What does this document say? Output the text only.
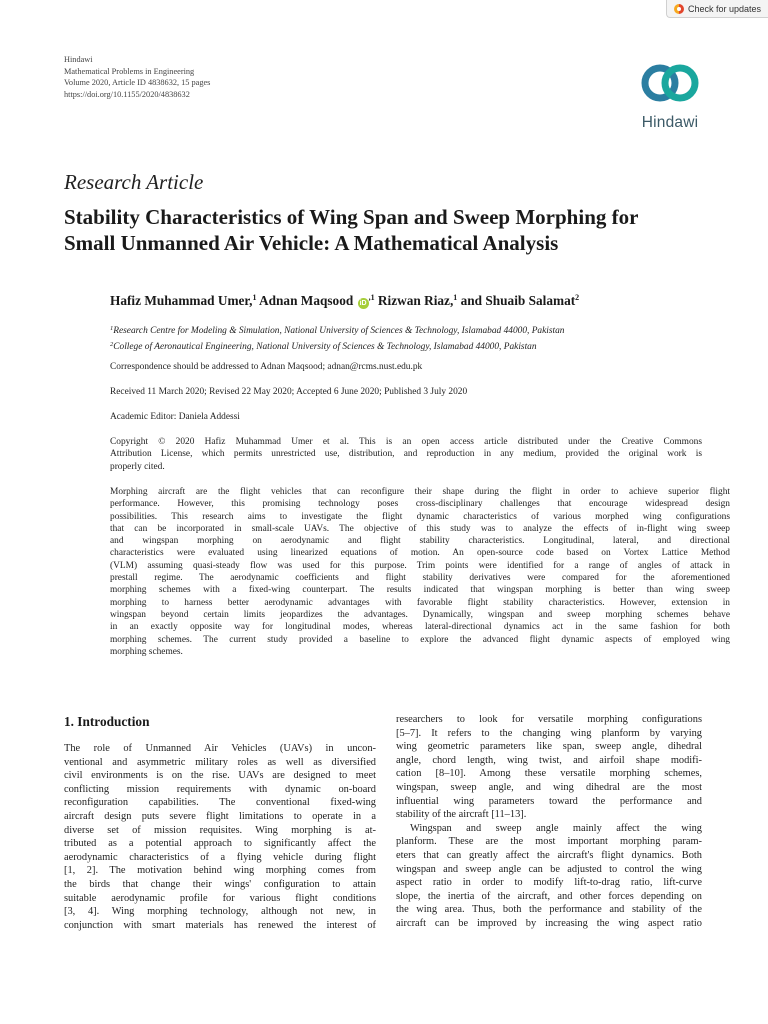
Check for updates
Hindawi
Mathematical Problems in Engineering
Volume 2020, Article ID 4838632, 15 pages
https://doi.org/10.1155/2020/4838632
Hindawi
Research Article
Stability Characteristics of Wing Span and Sweep Morphing for
Small Unmanned Air Vehicle: A Mathematical Analysis
Hafiz Muhammad Umer,$^1$ Adnan Maqsood $iD^{,1}$ Rizwan Riaz,$^1$ and Shuaib Salamat$^2$
$^1$Research Centre for Modeling & Simulation, National University of Sciences & Technology, Islamabad 44000, Pakistan
$^2$College of Aeronautical Engineering, National University of Sciences & Technology, Islamabad 44000, Pakistan
Correspondence should be addressed to Adnan Maqsood; adnan@rcms.nust.edu.pk
Received 11 March 2020; Revised 22 May 2020; Accepted 6 June 2020; Published 3 July 2020
Academic Editor: Daniela Addessi
Copyright © 2020 Hafiz Muhammad Umer et al. This is an open access article distributed under the Creative Commons
Attribution License, which permits unrestricted use, distribution, and reproduction in any medium, provided the original work is
properly cited.
Morphing aircraft are the flight vehicles that can reconfigure their shape during the flight in order to achieve superior flight
performance. However, this promising technology poses cross-disciplinary challenges that encourage widespread design
possibilities. This research aims to investigate the flight dynamic characteristics of various morphed wing configurations
that can be incorporated in small-scale UAVs. The objective of this study was to analyze the effects of in-flight wing sweep
and wingspan morphing on aerodynamic and flight stability characteristics. Longitudinal, lateral, and directional
characteristics were evaluated using linearized equations of motion. An open-source code based on Vortex Lattice Method
(VLM) assuming quasi-steady flow was used for this purpose. Trim points were identified for a range of angles of attack in
prestall regime. The aerodynamic coefficients and flight stability derivatives were compared for the aforementioned
morphing schemes with a fixed-wing counterpart. The results indicated that wingspan morphing is better than wing sweep
morphing to harness better aerodynamic advantages with favorable flight stability characteristics. However, extension in
wingspan beyond certain limits jeopardizes the advantages. Dynamically, wingspan and sweep morphing schemes behave
in an exactly opposite way for longitudinal modes, whereas lateral-directional dynamics act in the same fashion for both
morphing schemes. The current study provided a baseline to explore the advanced flight dynamic aspects of employed wing
morphing schemes.
1. Introduction
The role of Unmanned Air Vehicles (UAVs) in uncon-
ventional and asymmetric military roles as well as diversified
civil environments is on the rise. UAVs are designed to meet
conflicting mission requirements with dynamic on-board
reconfiguration capabilities. The conventional fixed-wing
aircraft design puts severe flight limitations to operate in a
diverse set of mission requisites. Wing morphing is at-
tributed as a potential approach to significantly affect the
aerodynamic characteristics of a flying vehicle during flight
[1, 2]. The motivation behind wing morphing comes from
the birds that change their wings' configuration to attain
suitable aerodynamic profile for various flight conditions
[3, 4]. Wing morphing technology, although not new, in
conjunction with smart materials has renewed the interest of
researchers to look for versatile morphing configurations
[5–7]. It refers to the changing wing planform by varying
wing geometric parameters like span, sweep angle, dihedral
angle, chord length, wing twist, and airfoil shape modifi-
cation [8–10]. Among these versatile morphing schemes,
wingspan, sweep angle, and wing dihedral are the most
influential wing parameters toward the performance and
stability of the aircraft [11–13].
Wingspan and sweep angle mainly affect the wing
planform. These are the most important morphing param-
eters that can greatly affect the aircraft's flight dynamics. Both
wingspan and sweep angle can be adjusted to control the wing
aspect ratio in order to modify lift-to-drag ratio, lift-curve
slope, the inertia of the aircraft, and other forces depending on
the wing area. Thus, both the performance and stability of the
aircraft can be improved by increasing the wing aspect ratio
